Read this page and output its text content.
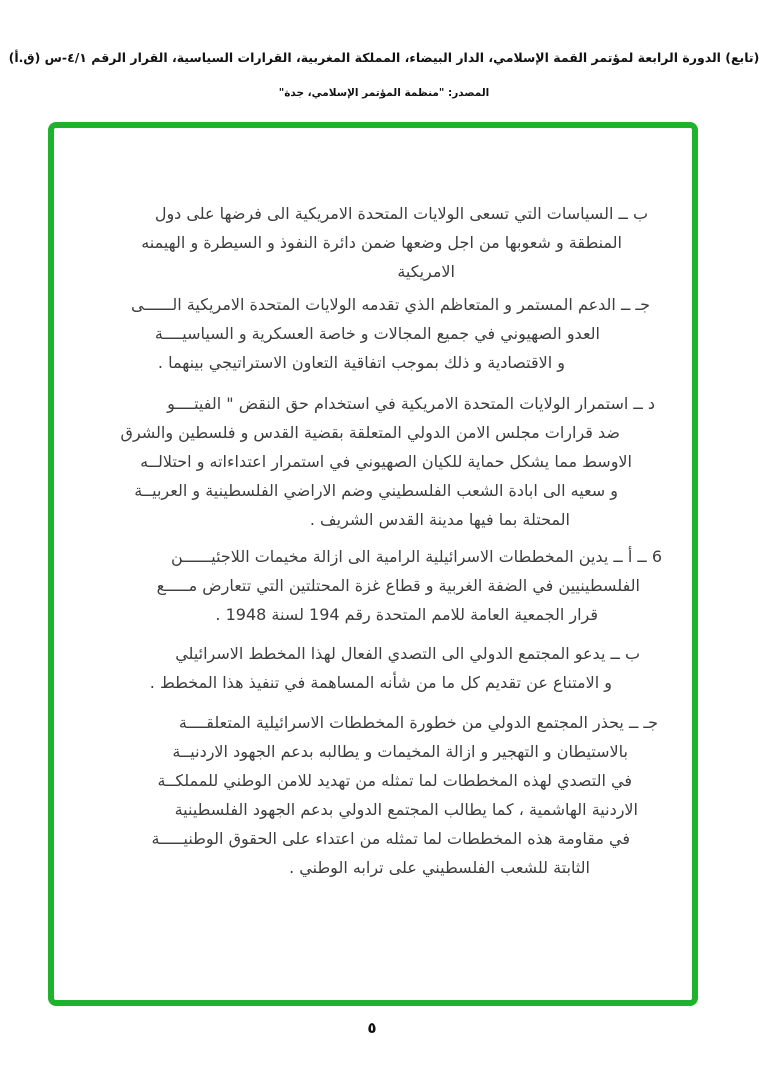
(تابع) الدورة الرابعة لمؤتمر القمة الإسلامي، الدار البيضاء، المملكة المغربية، القرارات السياسية، القرار الرقم ٤/١-س (ق.أ)
المصدر: "منظمة المؤتمر الإسلامي، جدة"
ب ــ السياسات التي تسعى الولايات المتحدة الامريكية الى فرضها على دول
المنطقة و شعوبها من اجل وضعها ضمن دائرة النفوذ و السيطرة و الهيمنه
الامريكية
جـ ــ الدعم المستمر و المتعاظم الذي تقدمه الولايات المتحدة الامريكية الــــــى
العدو الصهيوني في جميع المجالات و خاصة العسكرية و السياسيــــة
و الاقتصادية و ذلك بموجب اتفاقية التعاون الاستراتيجي بينهما .
د ــ استمرار الولايات المتحدة الامريكية في استخدام حق النقض " الفيتــــو
ضد قرارات مجلس الامن الدولي المتعلقة بقضية القدس و فلسطين والشرق
الاوسط مما يشكل حماية للكيان الصهيوني في استمرار اعتداءاته و احتلالــه
و سعيه الى ابادة الشعب الفلسطيني وضم الاراضي الفلسطينية و العربيــة
المحتلة بما فيها مدينة القدس الشريف .
6 ــ أ ــ يدين المخططات الاسرائيلية الرامية الى ازالة مخيمات اللاجئيــــــن
الفلسطينيين في الضفة الغربية و قطاع غزة المحتلتين التي تتعارض مـــــع
قرار الجمعية العامة للامم المتحدة رقم 194 لسنة 1948 .
ب ــ يدعو المجتمع الدولي الى التصدي الفعال لهذا المخطط الاسرائيلي
و الامتناع عن تقديم كل ما من شأنه المساهمة في تنفيذ هذا المخطط .
جـ ــ يحذر المجتمع الدولي من خطورة المخططات الاسرائيلية المتعلقــــة
بالاستيطان و التهجير و ازالة المخيمات و يطالبه بدعم الجهود الاردنيــة
في التصدي لهذه المخططات لما تمثله من تهديد للامن الوطني للمملكــة
الاردنية الهاشمية ، كما يطالب المجتمع الدولي بدعم الجهود الفلسطينية
في مقاومة هذه المخططات لما تمثله من اعتداء على الحقوق الوطنيـــــة
الثابتة للشعب الفلسطيني على ترابه الوطني .
٥
